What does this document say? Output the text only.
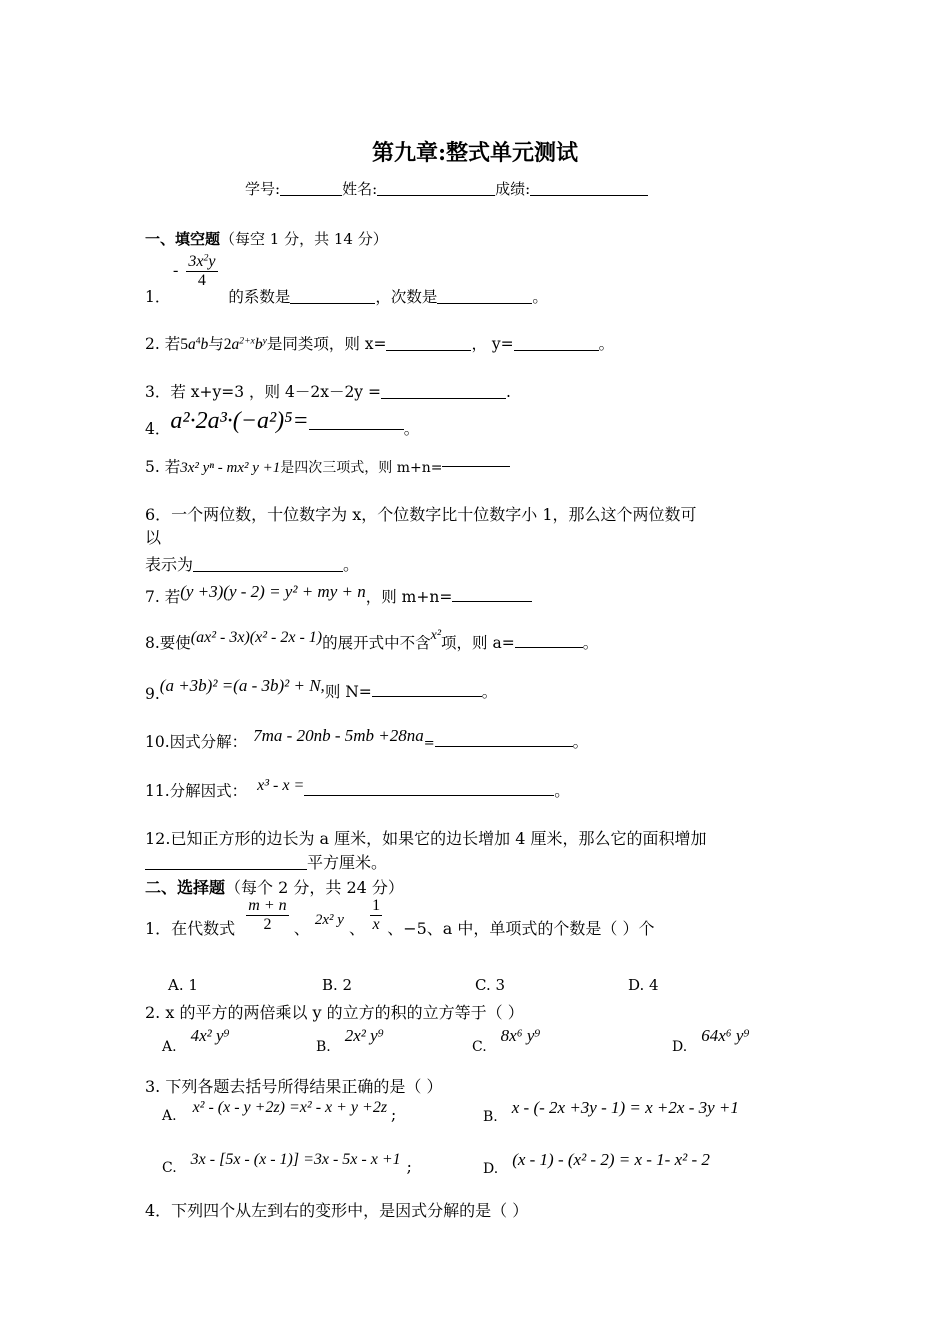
第九章:整式单元测试
学号:	姓名:	成绩:
一、填空题（每空 1 分，共 14 分）
- $\frac{3x^2y}{4}$
1．	的系数是	，次数是	。
2. 若$5a^4b$与$2a^{2+x}b^y$是同类项，则 x=	， y=	。
3．若 x+y=3 ，则 4－2x－2y =	.
4．a²·2a³·(−a²)⁵=	。
5. 若3x² yⁿ - mx² y +1是四次三项式，则 m+n=
6．一个两位数，十位数字为 x，个位数字比十位数字小 1，那么这个两位数可
以
表示为	。
7. 若(y +3)(y - 2) = y² + my + n，则 m+n=
8.要使(ax² - 3x)(x² - 2x - 1)的展开式中不含x²项，则 a=	。
9.(a +3b)² =(a - 3b)² + N,则 N=	。
10.因式分解： $7ma - 20nb - 5mb +28na_=$	。
11.分解因式： x³ - x =	。
12.已知正方形的边长为 a 厘米，如果它的边长增加 4 厘米，那么它的面积增加
平方厘米。
二、选择题（每个 2 分，共 24 分）
1．在代数式 $\frac{m + n}{2}$ 、 2x² y 、 $\frac{1}{x}$ 、−5、a 中，单项式的个数是（ ）个
A. 1	B. 2	C. 3	D. 4
2. x 的平方的两倍乘以 y 的立方的积的立方等于（ ）
A.4x² y⁹
B.2x² y⁹
C.8x⁶ y⁹
D.64x⁶ y⁹
3. 下列各题去括号所得结果正确的是（ ）
A. x² - (x - y +2z) =x² - x + y +2z ;	B. x - (- 2x +3y - 1) = x +2x - 3y +1
C. 3x - [5x - (x - 1)] =3x - 5x - x +1 ;	D. (x - 1) - (x² - 2) = x - 1- x² - 2
4．下列四个从左到右的变形中，是因式分解的是（ ）
